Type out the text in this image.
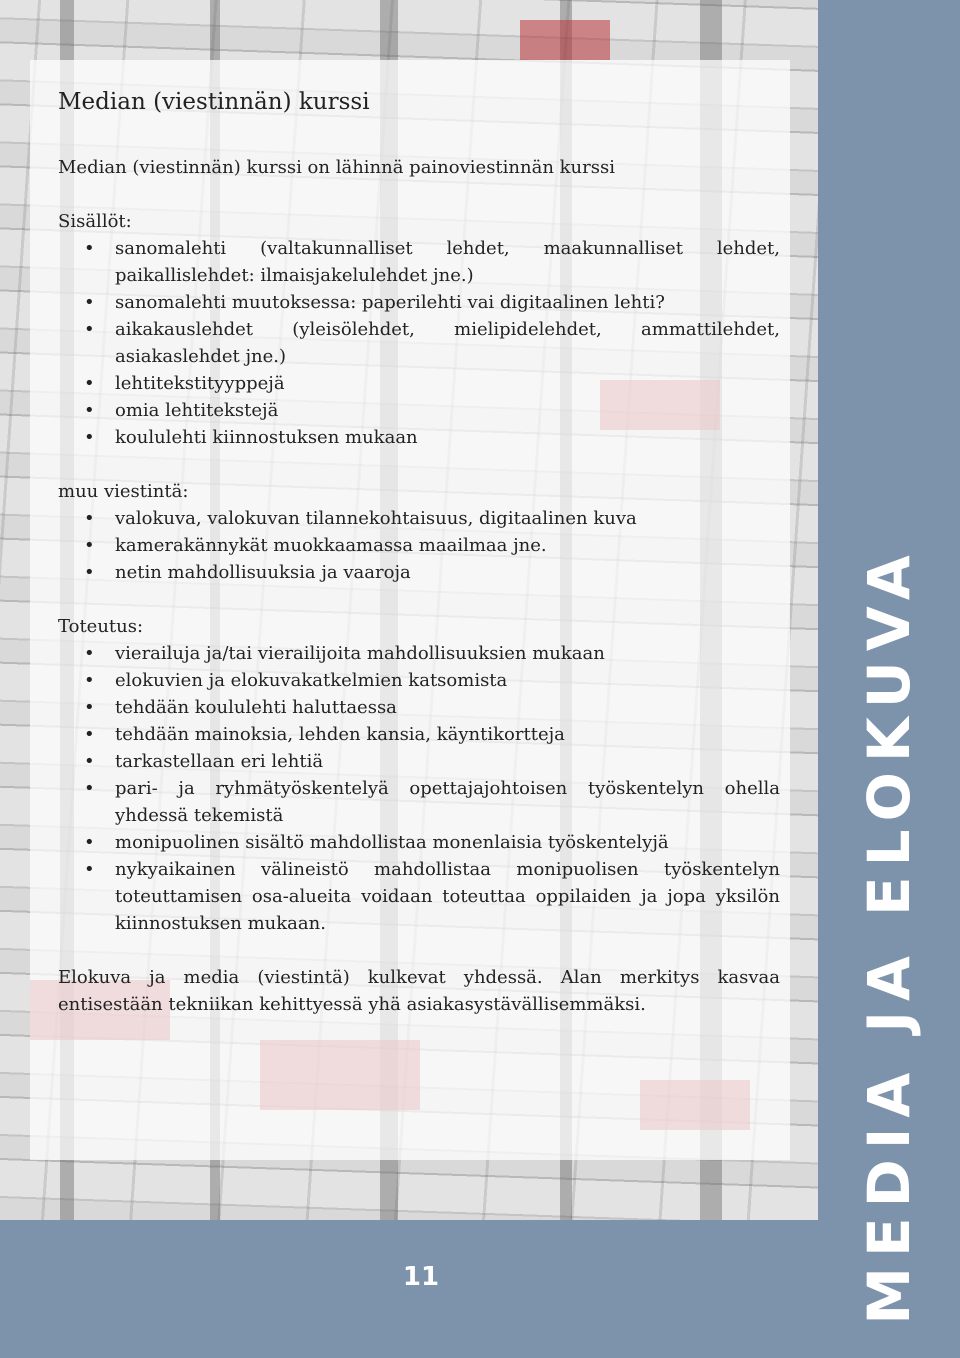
MEDIA JA ELOKUVA
11
Median (viestinnän) kurssi

Median (viestinnän) kurssi on lähinnä painoviestinnän kurssi

Sisällöt:

• sanomalehti (valtakunnalliset lehdet, maakunnalliset lehdet, paikallislehdet: ilmaisjakelulehdet jne.)
• sanomalehti muutoksessa: paperilehti vai digitaalinen lehti?
• aikakauslehdet (yleisölehdet, mielipidelehdet, ammattilehdet, asiakaslehdet jne.)
• lehtitekstityyppejä
• omia lehtitekstejä
• koululehti kiinnostuksen mukaan

muu viestintä:

• valokuva, valokuvan tilannekohtaisuus, digitaalinen kuva
• kamerakännykät muokkaamassa maailmaa jne.
• netin mahdollisuuksia ja vaaroja

Toteutus:

• vierailuja ja/tai vierailijoita mahdollisuuksien mukaan
• elokuvien ja elokuvakatkelmien katsomista
• tehdään koululehti haluttaessa
• tehdään mainoksia, lehden kansia, käyntikortteja
• tarkastellaan eri lehtiä
• pari- ja ryhmätyöskentelyä opettajajohtoisen työskentelyn ohella yhdessä tekemistä
• monipuolinen sisältö mahdollistaa monenlaisia työskentelyjä
• nykyaikainen välineistö mahdollistaa monipuolisen työskentelyn toteuttamisen osa-alueita voidaan toteuttaa oppilaiden ja jopa yksilön kiinnostuksen mukaan.

Elokuva ja media (viestintä) kulkevat yhdessä. Alan merkitys kasvaa entisestään tekniikan kehittyessä yhä asiakasystävällisemmäksi.
